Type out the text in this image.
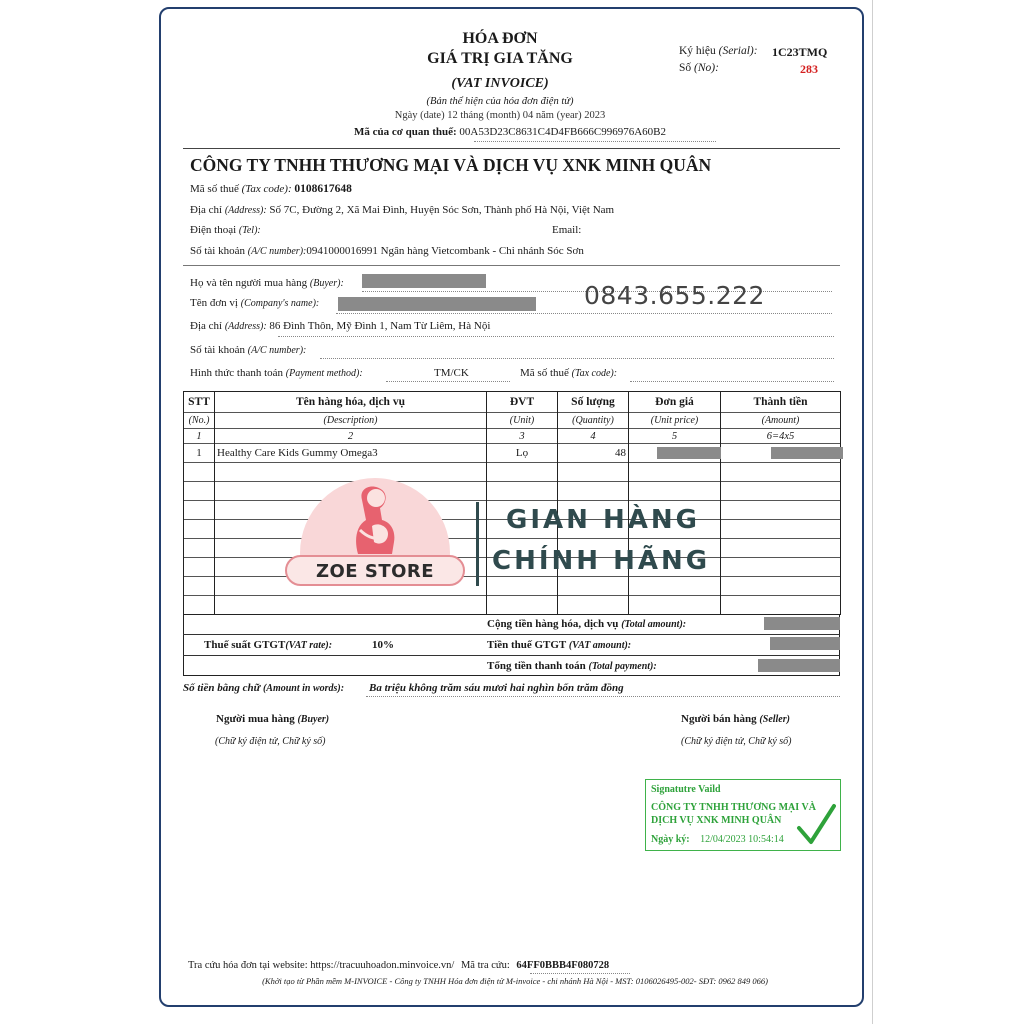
HÓA ĐƠN
GIÁ TRỊ GIA TĂNG
(VAT INVOICE)
(Bản thể hiện của hóa đơn điện tử)
Ngày (date) 12 tháng (month) 04 năm (year) 2023
Mã của cơ quan thuế: 00A53D23C8631C4D4FB666C996976A60B2
Ký hiệu (Serial): 1C23TMQ
Số (No):	283
CÔNG TY TNHH THƯƠNG MẠI VÀ DỊCH VỤ XNK MINH QUÂN
Mã số thuế (Tax code): 0108617648
Địa chỉ (Address): Số 7C, Đường 2, Xã Mai Đình, Huyện Sóc Sơn, Thành phố Hà Nội, Việt Nam
Điện thoại (Tel):	Email:
Số tài khoản (A/C number):0941000016991 Ngân hàng Vietcombank - Chi nhánh Sóc Sơn
Họ và tên người mua hàng (Buyer):
Tên đơn vị (Company's name):	0843.655.222
Địa chỉ (Address): 86 Đình Thôn, Mỹ Đình 1, Nam Từ Liêm, Hà Nội
Số tài khoản (A/C number):
Hình thức thanh toán (Payment method):	TM/CK	Mã số thuế (Tax code):
STT	Tên hàng hóa, dịch vụ	ĐVT	Số lượng	Đơn giá	Thành tiền
(No.)	(Description)	(Unit)	(Quantity)	(Unit price)	(Amount)
1	2	3	4	5	6=4x5
1	Healthy Care Kids Gummy Omega3	Lọ	48	

Cộng tiền hàng hóa, dịch vụ (Total amount):
Thuế suất GTGT(VAT rate):	10%	Tiền thuế GTGT (VAT amount):
Tổng tiền thanh toán (Total payment):
Số tiền bằng chữ (Amount in words): Ba triệu không trăm sáu mươi hai nghìn bốn trăm đồng
Người mua hàng (Buyer)
(Chữ ký điện tử, Chữ ký số)
Người bán hàng (Seller)
(Chữ ký điện tử, Chữ ký số)
Signatutre Vaild
CÔNG TY TNHH THƯƠNG MẠI VÀ
DỊCH VỤ XNK MINH QUÂN
Ngày ký: 12/04/2023 10:54:14
ZOE STORE
GIAN HÀNG
CHÍNH HÃNG
Tra cứu hóa đơn tại website: https://tracuuhoadon.minvoice.vn/ Mã tra cứu: 64FF0BBB4F080728
(Khởi tạo từ Phần mềm M-INVOICE - Công ty TNHH Hóa đơn điện tử M-invoice - chi nhánh Hà Nội - MST: 0106026495-002- SĐT: 0962 849 066)
